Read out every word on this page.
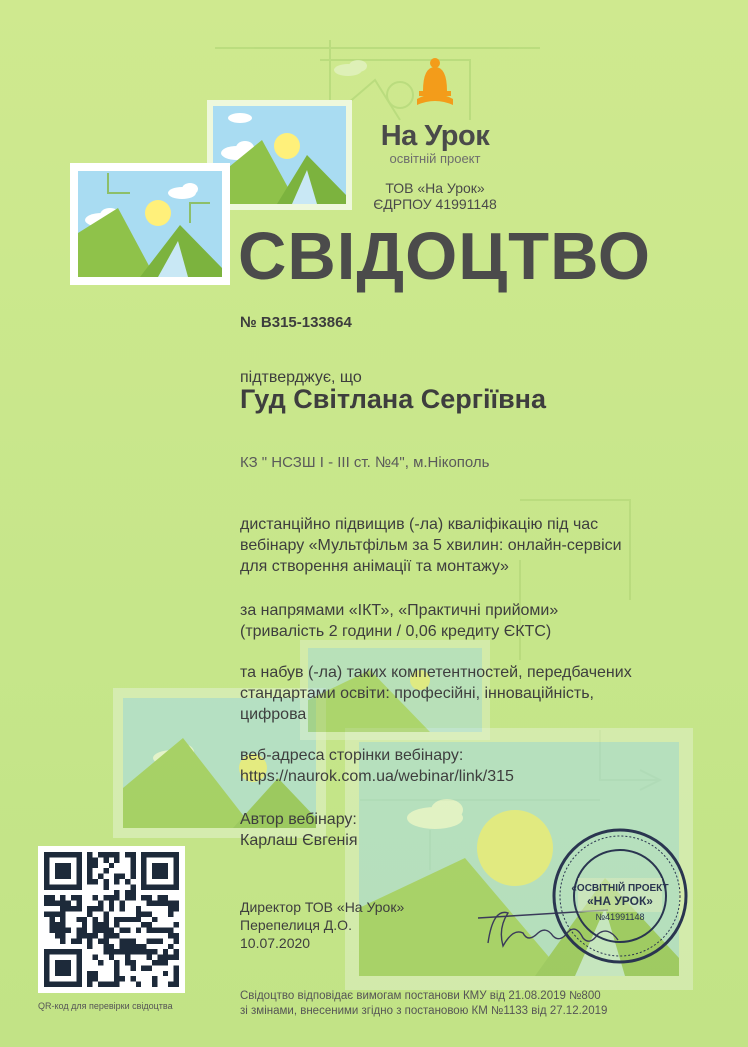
На Урок
освітній проект
ТОВ «На Урок»
ЄДРПОУ 41991148
СВІДОЦТВО
№ В315-133864
підтверджує, що
Гуд Світлана Сергіївна
КЗ " НСЗШ І - ІІІ ст. №4", м.Нікополь
дистанційно підвищив (-ла) кваліфікацію під час
вебінару «Мультфільм за 5 хвилин: онлайн-сервіси
для створення анімації та монтажу»
за напрямами «ІКТ», «Практичні прийоми»
(тривалість 2 години / 0,06 кредиту ЄКТС)
та набув (-ла) таких компетентностей, передбачених
стандартами освіти: професійні, інноваційність,
цифрова
веб-адреса сторінки вебінару:
https://naurok.com.ua/webinar/link/315
Автор вебінару:
Карлаш Євгенія
Директор ТОВ «На Урок»
Перепелиця Д.О.
10.07.2020
«ОСВІТНІЙ ПРОЕКТ
«НА УРОК»
№41991148
QR-код для перевірки свідоцтва
Свідоцтво відповідає вимогам постанови КМУ від 21.08.2019 №800
зі змінами, внесеними згідно з постановою КМ №1133 від 27.12.2019
